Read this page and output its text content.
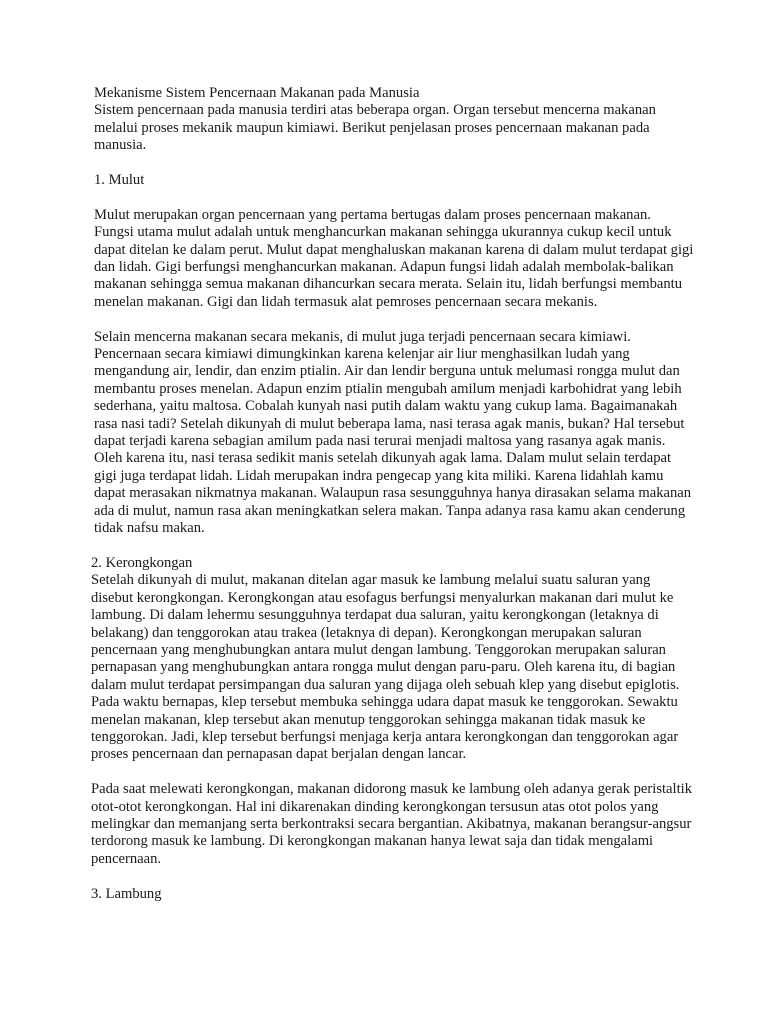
Mekanisme Sistem Pencernaan Makanan pada Manusia

Sistem pencernaan pada manusia terdiri atas beberapa organ. Organ tersebut mencerna makanan melalui proses mekanik maupun kimiawi. Berikut penjelasan proses pencernaan makanan pada manusia.

1. Mulut

Mulut merupakan organ pencernaan yang pertama bertugas dalam proses pencernaan makanan. Fungsi utama mulut adalah untuk menghancurkan makanan sehingga ukurannya cukup kecil untuk dapat ditelan ke dalam perut. Mulut dapat menghaluskan makanan karena di dalam mulut terdapat gigi dan lidah. Gigi berfungsi menghancurkan makanan. Adapun fungsi lidah adalah membolak-balikan makanan sehingga semua makanan dihancurkan secara merata. Selain itu, lidah berfungsi membantu menelan makanan. Gigi dan lidah termasuk alat pemroses pencernaan secara mekanis.

Selain mencerna makanan secara mekanis, di mulut juga terjadi pencernaan secara kimiawi. Pencernaan secara kimiawi dimungkinkan karena kelenjar air liur menghasilkan ludah yang mengandung air, lendir, dan enzim ptialin. Air dan lendir berguna untuk melumasi rongga mulut dan membantu proses menelan. Adapun enzim ptialin mengubah amilum menjadi karbohidrat yang lebih sederhana, yaitu maltosa. Cobalah kunyah nasi putih dalam waktu yang cukup lama. Bagaimanakah rasa nasi tadi? Setelah dikunyah di mulut beberapa lama, nasi terasa agak manis, bukan? Hal tersebut dapat terjadi karena sebagian amilum pada nasi terurai menjadi maltosa yang rasanya agak manis. Oleh karena itu, nasi terasa sedikit manis setelah dikunyah agak lama. Dalam mulut selain terdapat gigi juga terdapat lidah. Lidah merupakan indra pengecap yang kita miliki. Karena lidahlah kamu dapat merasakan nikmatnya makanan. Walaupun rasa sesungguhnya hanya dirasakan selama makanan ada di mulut, namun rasa akan meningkatkan selera makan. Tanpa adanya rasa kamu akan cenderung tidak nafsu makan.

2. Kerongkongan

Setelah dikunyah di mulut, makanan ditelan agar masuk ke lambung melalui suatu saluran yang disebut kerongkongan. Kerongkongan atau esofagus berfungsi menyalurkan makanan dari mulut ke lambung. Di dalam lehermu sesungguhnya terdapat dua saluran, yaitu kerongkongan (letaknya di belakang) dan tenggorokan atau trakea (letaknya di depan). Kerongkongan merupakan saluran pencernaan yang menghubungkan antara mulut dengan lambung. Tenggorokan merupakan saluran pernapasan yang menghubungkan antara rongga mulut dengan paru-paru. Oleh karena itu, di bagian dalam mulut terdapat persimpangan dua saluran yang dijaga oleh sebuah klep yang disebut epiglotis. Pada waktu bernapas, klep tersebut membuka sehingga udara dapat masuk ke tenggorokan. Sewaktu menelan makanan, klep tersebut akan menutup tenggorokan sehingga makanan tidak masuk ke tenggorokan. Jadi, klep tersebut berfungsi menjaga kerja antara kerongkongan dan tenggorokan agar proses pencernaan dan pernapasan dapat berjalan dengan lancar.

Pada saat melewati kerongkongan, makanan didorong masuk ke lambung oleh adanya gerak peristaltik otot-otot kerongkongan. Hal ini dikarenakan dinding kerongkongan tersusun atas otot polos yang melingkar dan memanjang serta berkontraksi secara bergantian. Akibatnya, makanan berangsur-angsur terdorong masuk ke lambung. Di kerongkongan makanan hanya lewat saja dan tidak mengalami pencernaan.

3. Lambung
